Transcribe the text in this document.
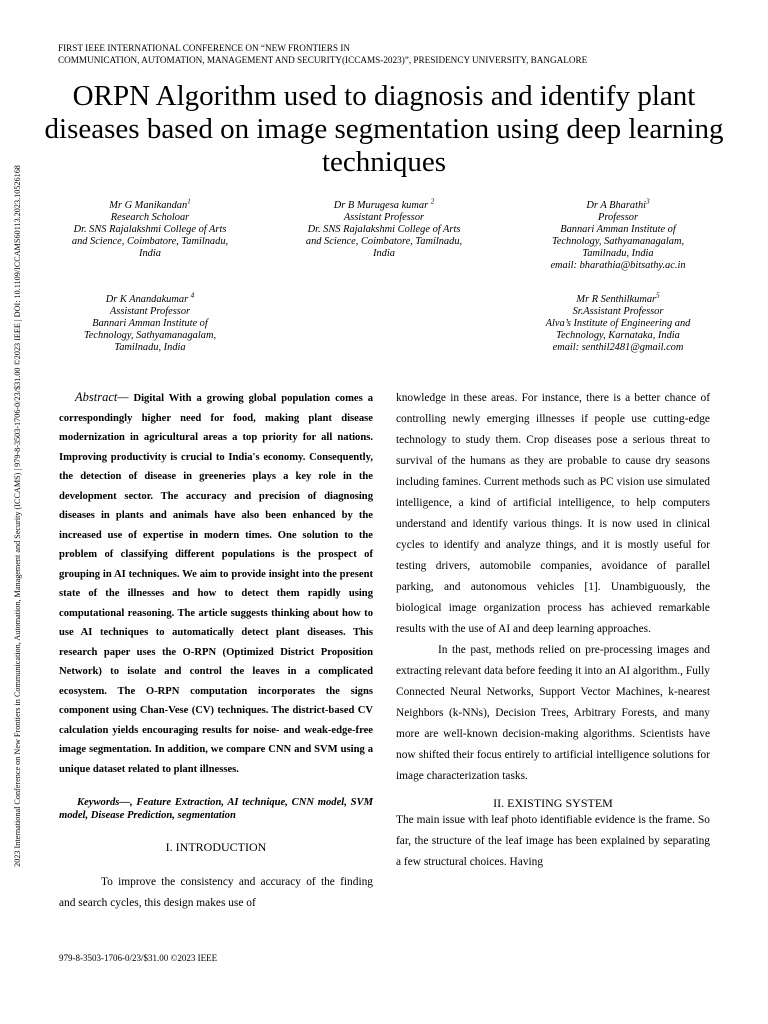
2023 International Conference on New Frontiers in Communication, Automation, Management and Security (ICCAMS) | 979-8-3503-1706-0/23/$31.00 ©2023 IEEE | DOI: 10.1109/ICCAMS60113.2023.10526168
FIRST IEEE INTERNATIONAL CONFERENCE ON “NEW FRONTIERS IN
COMMUNICATION, AUTOMATION, MANAGEMENT AND SECURITY(ICCAMS-2023)”, PRESIDENCY UNIVERSITY, BANGALORE
ORPN Algorithm used to diagnosis and identify plant diseases based on image segmentation using deep learning techniques
Mr G Manikandan$^1$
Research Scholoar
Dr. SNS Rajalakshmi College of Arts
and Science, Coimbatore, Tamilnadu,
India
Dr B Murugesa kumar $^2$
Assistant Professor
Dr. SNS Rajalakshmi College of Arts
and Science, Coimbatore, Tamilnadu,
India
Dr A Bharathi$^3$
Professor
Bannari Amman Institute of
Technology, Sathyamanagalam,
Tamilnadu, India
email: bharathia@bitsathy.ac.in
Dr K Anandakumar $^4$
Assistant Professor
Bannari Amman Institute of
Technology, Sathyamanagalam,
Tamilnadu, India
Mr R Senthilkumar$^5$
Sr.Assistant Professor
Alva’s Institute of Engineering and
Technology, Karnataka, India
email: senthil2481@gmail.com

Abstract— Digital With a growing global population comes a correspondingly higher need for food, making plant disease modernization in agricultural areas a top priority for all nations. Improving productivity is crucial to India's economy. Consequently, the detection of disease in greeneries plays a key role in the development sector. The accuracy and precision of diagnosing diseases in plants and animals have also been enhanced by the increased use of expertise in modern times. One solution to the problem of classifying different populations is the prospect of grouping in AI techniques. We aim to provide insight into the present state of the illnesses and how to detect them rapidly using computational reasoning. The article suggests thinking about how to use AI techniques to automatically detect plant diseases. This research paper uses the O-RPN (Optimized District Proposition Network) to isolate and control the leaves in a complicated ecosystem. The O-RPN computation incorporates the signs component using Chan-Vese (CV) techniques. The district-based CV calculation yields encouraging results for noise- and weak-edge-free image segmentation. In addition, we compare CNN and SVM using a unique dataset related to plant illnesses.

Keywords—, Feature Extraction, AI technique, CNN model, SVM model, Disease Prediction, segmentation

I. INTRODUCTION

To improve the consistency and accuracy of the finding and search cycles, this design makes use of

knowledge in these areas. For instance, there is a better chance of controlling newly emerging illnesses if people use cutting-edge technology to study them. Crop diseases pose a serious threat to survival of the humans as they are probable to cause dry seasons including famines. Current methods such as PC vision use simulated intelligence, a kind of artificial intelligence, to help computers understand and identify various things. It is now used in clinical cycles to identify and analyze things, and it is mostly useful for testing drivers, automobile companies, avoidance of parallel parking, and autonomous vehicles [1]. Unambiguously, the biological image organization process has achieved remarkable results with the use of AI and deep learning approaches.

In the past, methods relied on pre-processing images and extracting relevant data before feeding it into an AI algorithm., Fully Connected Neural Networks, Support Vector Machines, k-nearest Neighbors (k-NNs), Decision Trees, Arbitrary Forests, and many more are well-known decision-making algorithms. Scientists have now shifted their focus entirely to artificial intelligence solutions for image characterization tasks.

II. EXISTING SYSTEM

The main issue with leaf photo identifiable evidence is the frame. So far, the structure of the leaf image has been explained by separating a few structural choices. Having

979-8-3503-1706-0/23/$31.00 ©2023 IEEE
